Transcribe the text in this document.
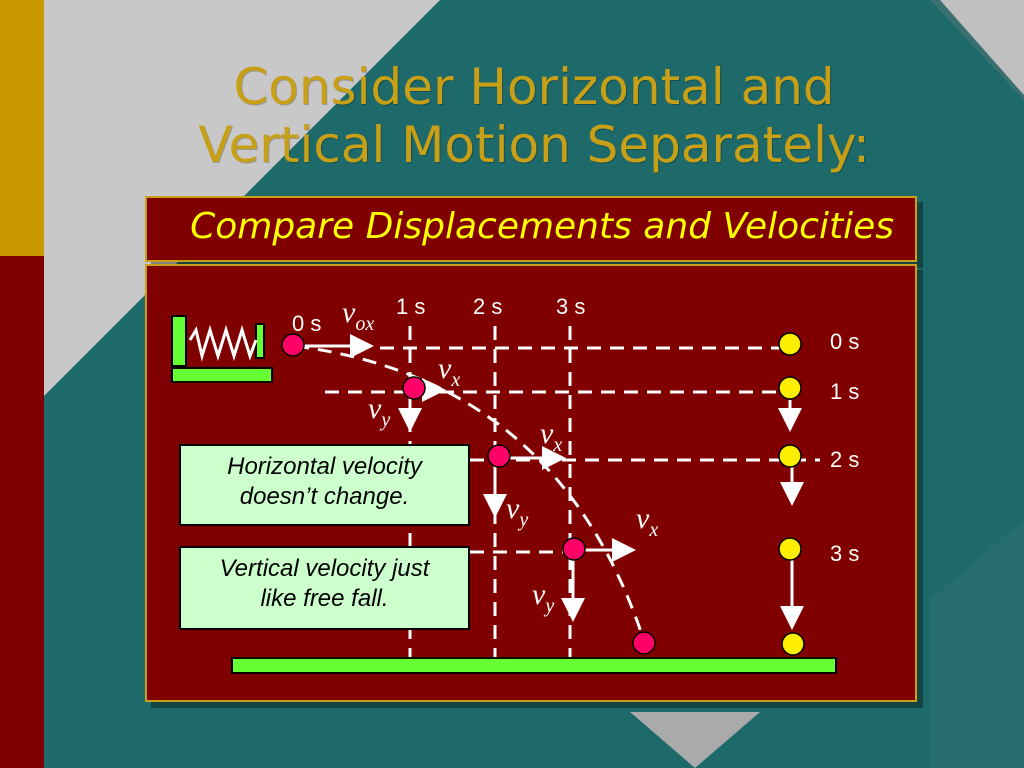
Consider Horizontal and
Vertical Motion Separately:
Compare Displacements and Velocities
0 s
1 s 2 s 3 s
0 s
1 s
2 s
3 s
$v_{ox}$
$v_x$
$v_y$	$v_x$
$v_y$	$v_x$
$v_y$
Horizontal velocity
doesn’t change.
Vertical velocity just
like free fall.
